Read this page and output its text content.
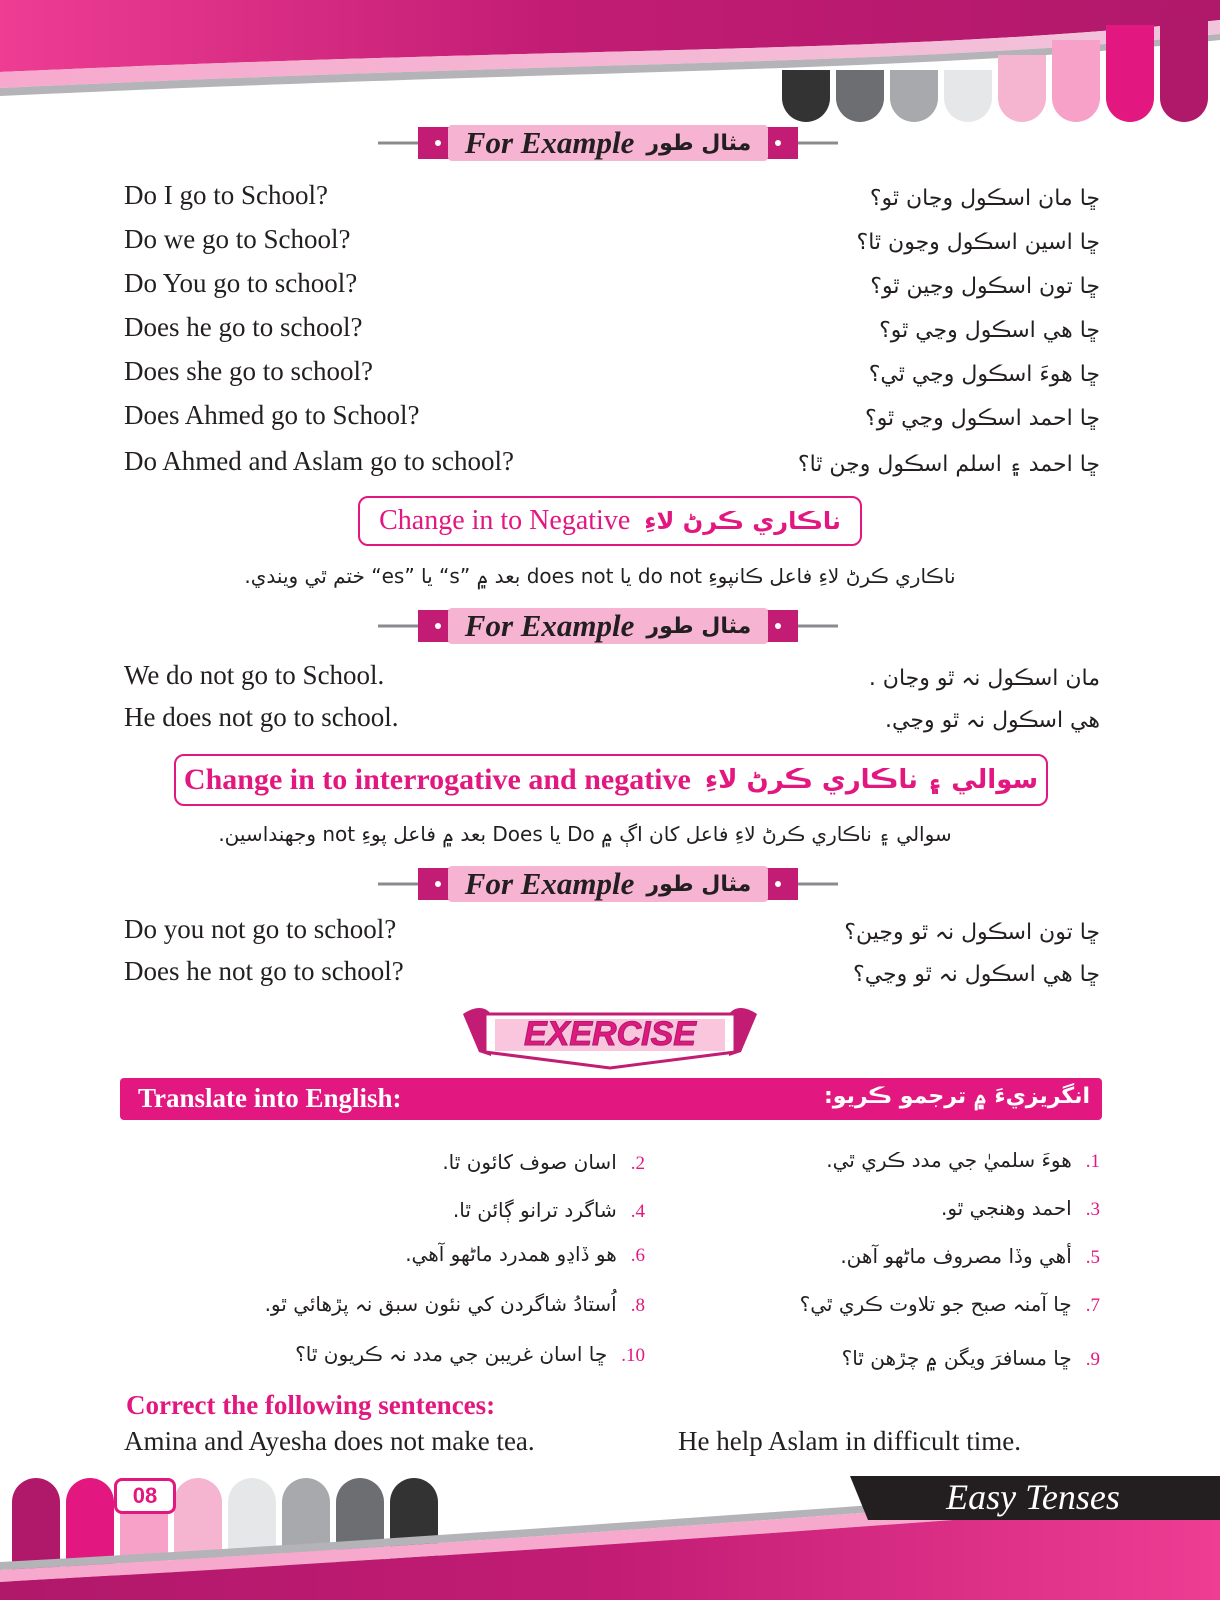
For Example مثال طور
Do I go to School?	ڇا مان اسڪول وڃان ٿو؟
Do we go to School?	ڇا اسين اسڪول وڃون ٿا؟
Do You go to school?	ڇا تون اسڪول وڃين ٿو؟
Does he go to school?	ڇا هي اسڪول وڃي ٿو؟
Does she go to school?	ڇا هوءَ اسڪول وڃي ٿي؟
Does Ahmed go to School?	ڇا احمد اسڪول وڃي ٿو؟
Do Ahmed and Aslam go to school?	ڇا احمد ۽ اسلم اسڪول وڃن ٿا؟
Change in to Negative ناڪاري ڪرڻ لاءِ
ناڪاري ڪرڻ لاءِ فاعل ڪانپوءِ do not يا does not بعد ۾ ”s“ يا ”es“ ختم ٿي ويندي.
For Example مثال طور
We do not go to School.	مان اسڪول نہ ٿو وڃان .
He does not go to school.	هي اسڪول نہ ٿو وڃي.
Change in to interrogative and negative سوالي ۽ ناڪاري ڪرڻ لاءِ
سوالي ۽ ناڪاري ڪرڻ لاءِ فاعل کان اڳ ۾ Do يا Does بعد ۾ فاعل پوءِ not وجهنداسين.
For Example مثال طور
Do you not go to school?	ڇا تون اسڪول نہ ٿو وڃين؟
Does he not go to school?	ڇا هي اسڪول نہ ٿو وڃي؟
EXERCISE
Translate into English:	انگريزيءَ ۾ ترجمو ڪريو:
1.
هوءَ سلميٰ جي مدد ڪري ٿي.
3.
احمد وهنجي ٿو.
5.
أهي وڏا مصروف ماڻهو آهن.
7.
ڇا آمنہ صبح جو تلاوت ڪري ٿي؟
9.
ڇا مسافرَ ويگن ۾ چڙهن ٿا؟
2.
اسان صوف کائون ٿا.
4.
شاگرد ترانو ڳائن ٿا.
6.
هو ڏاڍو همدرد ماڻهو آهي.
8.
اُستادُ شاگردن کي نئون سبق نہ پڙهائي ٿو.
10.
ڇا اسان غريبن جي مدد نہ ڪريون ٿا؟
Correct the following sentences:
Amina and Ayesha does not make tea.	He help Aslam in difficult time.
08	Easy Tenses
